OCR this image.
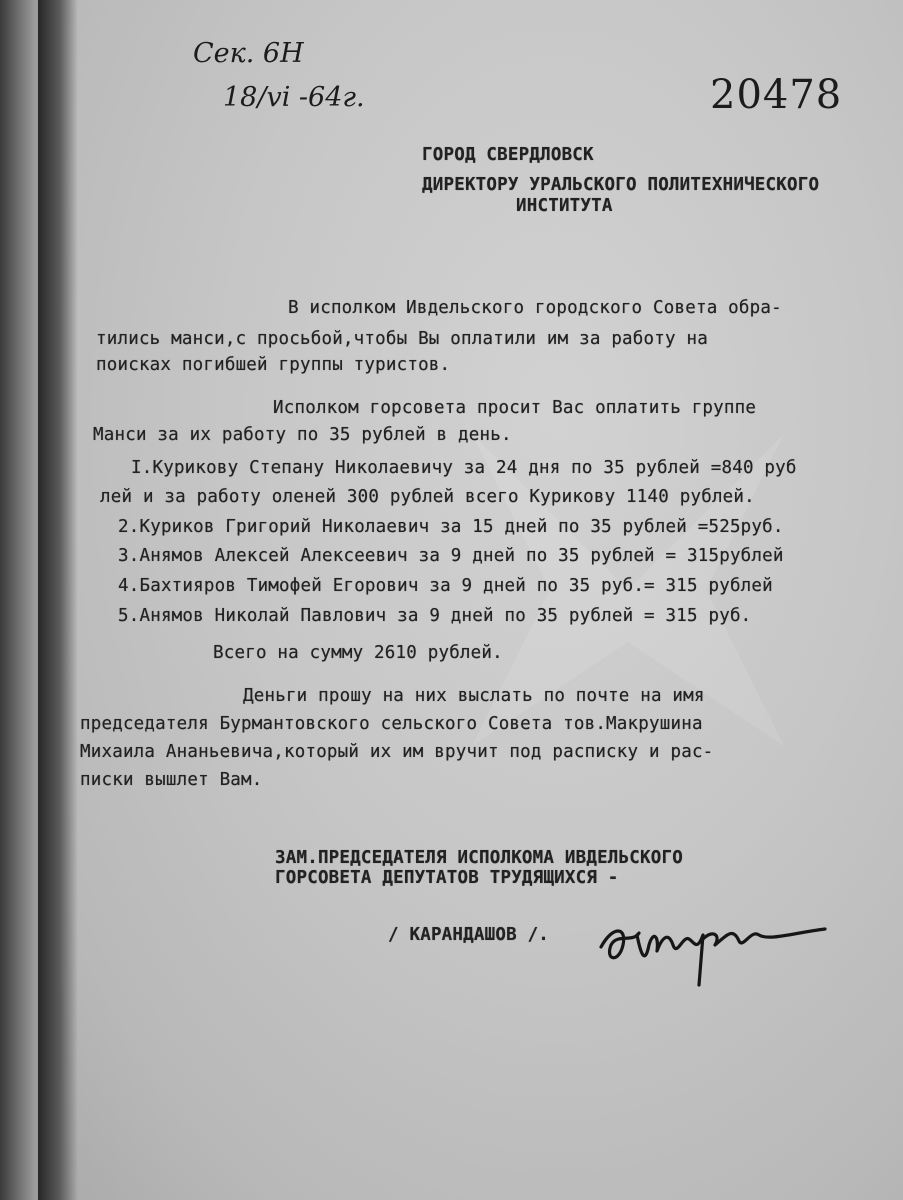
Сек. 6Н
18/vi -64г.	20478
ГОРОД СВЕРДЛОВСК
ДИРЕКТОРУ УРАЛЬСКОГО ПОЛИТЕХНИЧЕСКОГО
ИНСТИТУТА
В исполком Ивдельского городского Совета обра-
тились манси,с просьбой,чтобы Вы оплатили им за работу на
поисках погибшей группы туристов.
Исполком горсовета просит Вас оплатить группе
Манси за их работу по 35 рублей в день.
I.Курикову Степану Николаевичу за 24 дня по 35 рублей =840 руб
лей и за работу оленей 300 рублей всего Курикову 1140 рублей.
2.Куриков Григорий Николаевич за 15 дней по 35 рублей =525руб.
3.Анямов Алексей Алексеевич за 9 дней по 35 рублей = 315рублей
4.Бахтияров Тимофей Егорович за 9 дней по 35 руб.= 315 рублей
5.Анямов Николай Павлович за 9 дней по 35 рублей = 315 руб.
Всего на сумму 2610 рублей.
Деньги прошу на них выслать по почте на имя
председателя Бурмантовского сельского Совета тов.Макрушина
Михаила Ананьевича,который их им вручит под расписку и рас-
писки вышлет Вам.
ЗАМ.ПРЕДСЕДАТЕЛЯ ИСПОЛКОМА ИВДЕЛЬСКОГО
ГОРСОВЕТА ДЕПУТАТОВ ТРУДЯЩИХСЯ -
/ КАРАНДАШОВ /.
